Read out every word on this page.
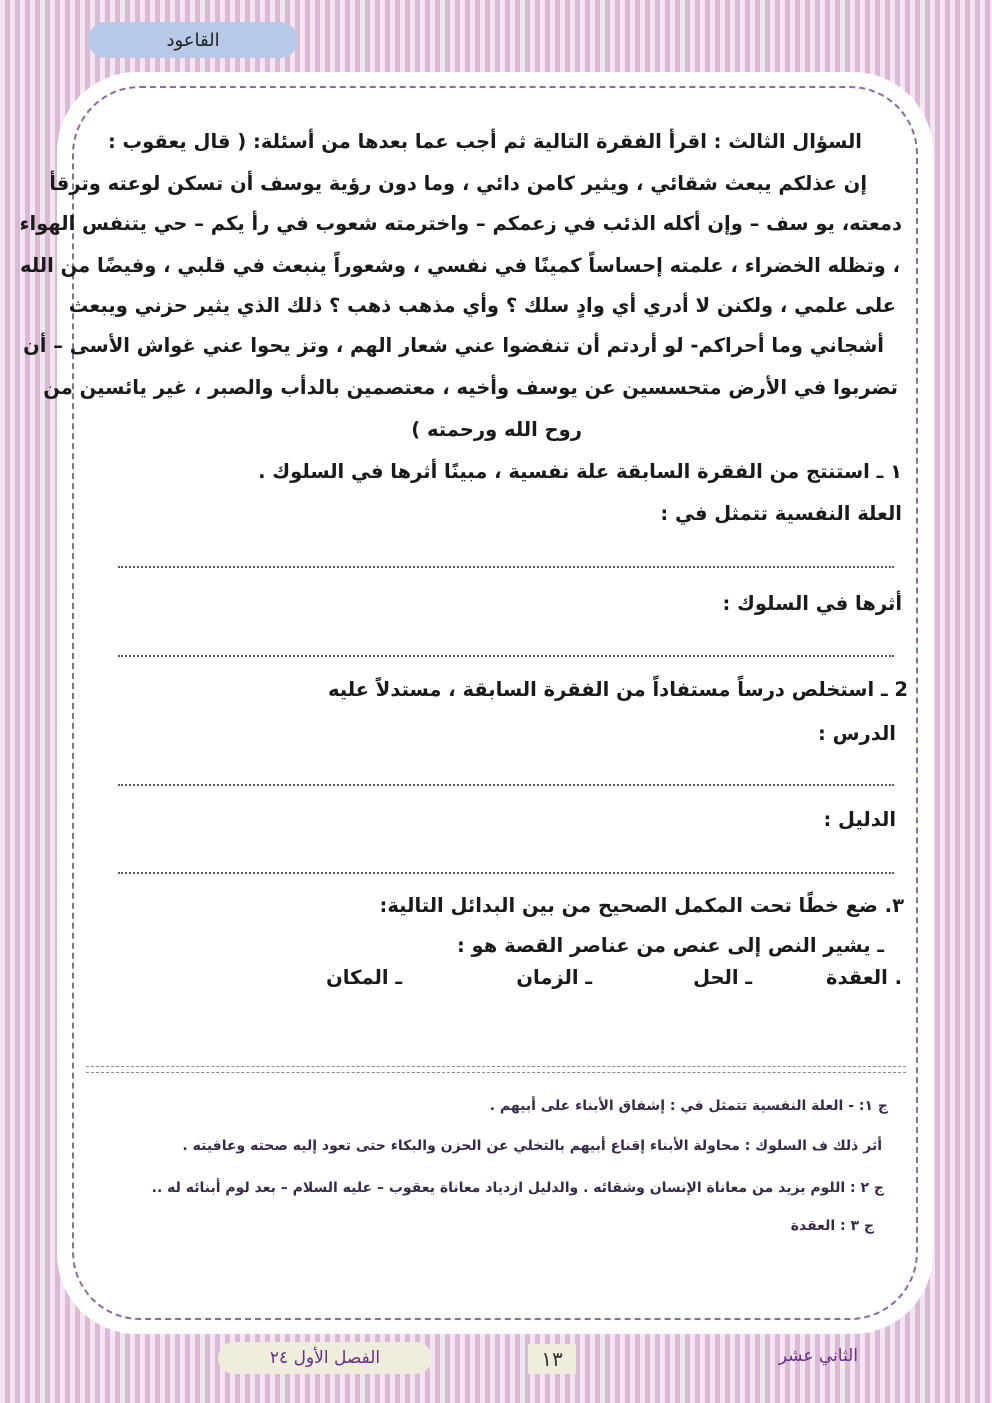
القاعود
السؤال الثالث : اقرأ الفقرة التالية ثم أجب عما بعدها من أسئلة: ( قال يعقوب :
إن عذلكم يبعث شقائي ، ويثير كامن دائي ، وما دون رؤية يوسف أن تسكن لوعته وترقأ
دمعته، يو سف – وإن أكله الذئب في زعمكم – واخترمته شعوب في رأ يكم – حي يتنفس الهواء
، وتظله الخضراء ، علمته إحساساً كمينًا في نفسي ، وشعوراً ينبعث في قلبي ، وفيضًا من الله
على علمي ، ولكنن لا أدري أي وادٍ سلك ؟ وأي مذهب ذهب ؟ ذلك الذي يثير حزني ويبعث
أشجاني وما أحراكم- لو أردتم أن تنفضوا عني شعار الهم ، وتز يحوا عني غواش الأسى – أن
تضربوا في الأرض متحسسين عن يوسف وأخيه ، معتصمين بالدأب والصبر ، غير يائسين من
روح الله ورحمته )
١ ـ استنتج من الفقرة السابقة علة نفسية ، مبينًا أثرها في السلوك .
العلة النفسية تتمثل في :
أثرها في السلوك :
2 ـ استخلص درساً مستفاداً من الفقرة السابقة ، مستدلاً عليه
الدرس :
الدليل :
٣. ضع خطًا تحت المكمل الصحيح من بين البدائل التالية:
ـ يشير النص إلى عنص من عناصر القصة هو :
. العقدة
ـ الحل
ـ الزمان
ـ المكان
ج ١: - العلة النفسية تتمثل في : إشفاق الأبناء على أبيهم .
أثر ذلك ف السلوك : محاولة الأبناء إقناع أبيهم بالتخلي عن الحزن والبكاء حتى تعود إليه صحته وعافيته .
ج ٢ : اللوم يزيد من معاناة الإنسان وشقائه . والدليل ازدياد معاناة يعقوب – عليه السلام – بعد لوم أبنائه له ..
ج ٣ : العقدة
الفصل الأول ٢٤	١٣	الثاني عشر
